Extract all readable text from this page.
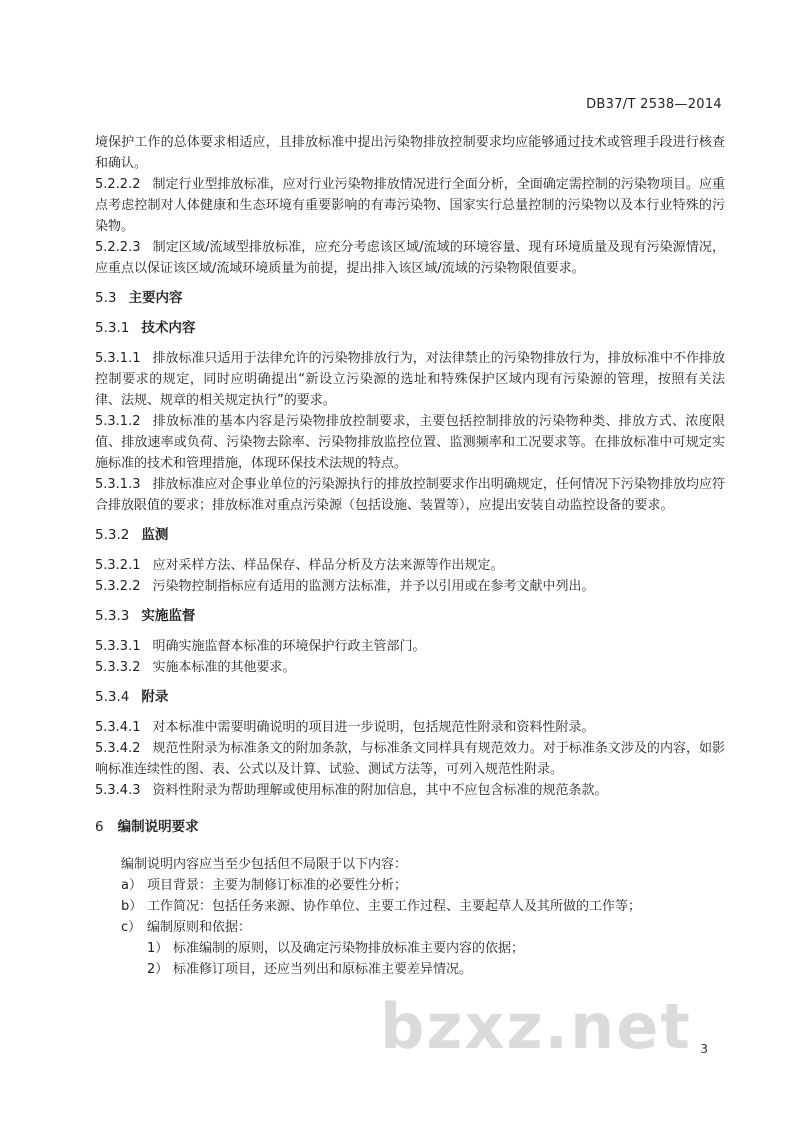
DB37/T 2538—2014

境保护工作的总体要求相适应，且排放标准中提出污染物排放控制要求均应能够通过技术或管理手段进行核查和确认。

5.2.2.2 制定行业型排放标准，应对行业污染物排放情况进行全面分析，全面确定需控制的污染物项目。应重点考虑控制对人体健康和生态环境有重要影响的有毒污染物、国家实行总量控制的污染物以及本行业特殊的污染物。

5.2.2.3 制定区域/流域型排放标准，应充分考虑该区域/流域的环境容量、现有环境质量及现有污染源情况，应重点以保证该区域/流域环境质量为前提，提出排入该区域/流域的污染物限值要求。

5.3 主要内容

5.3.1 技术内容

5.3.1.1 排放标准只适用于法律允许的污染物排放行为，对法律禁止的污染物排放行为，排放标准中不作排放控制要求的规定，同时应明确提出“新设立污染源的选址和特殊保护区域内现有污染源的管理，按照有关法律、法规、规章的相关规定执行”的要求。

5.3.1.2 排放标准的基本内容是污染物排放控制要求，主要包括控制排放的污染物种类、排放方式、浓度限值、排放速率或负荷、污染物去除率、污染物排放监控位置、监测频率和工况要求等。在排放标准中可规定实施标准的技术和管理措施，体现环保技术法规的特点。

5.3.1.3 排放标准应对企事业单位的污染源执行的排放控制要求作出明确规定，任何情况下污染物排放均应符合排放限值的要求；排放标准对重点污染源（包括设施、装置等），应提出安装自动监控设备的要求。

5.3.2 监测

5.3.2.1 应对采样方法、样品保存、样品分析及方法来源等作出规定。

5.3.2.2 污染物控制指标应有适用的监测方法标准，并予以引用或在参考文献中列出。

5.3.3 实施监督

5.3.3.1 明确实施监督本标准的环境保护行政主管部门。

5.3.3.2 实施本标准的其他要求。

5.3.4 附录

5.3.4.1 对本标准中需要明确说明的项目进一步说明，包括规范性附录和资料性附录。

5.3.4.2 规范性附录为标准条文的附加条款，与标准条文同样具有规范效力。对于标准条文涉及的内容，如影响标准连续性的图、表、公式以及计算、试验、测试方法等，可列入规范性附录。

5.3.4.3 资料性附录为帮助理解或使用标准的附加信息，其中不应包含标准的规范条款。

6 编制说明要求

编制说明内容应当至少包括但不局限于以下内容：

a） 项目背景：主要为制修订标准的必要性分析；

b） 工作简况：包括任务来源、协作单位、主要工作过程、主要起草人及其所做的工作等；

c） 编制原则和依据：

1） 标准编制的原则，以及确定污染物排放标准主要内容的依据；

2） 标准修订项目，还应当列出和原标准主要差异情况。

bzxz.net 3
